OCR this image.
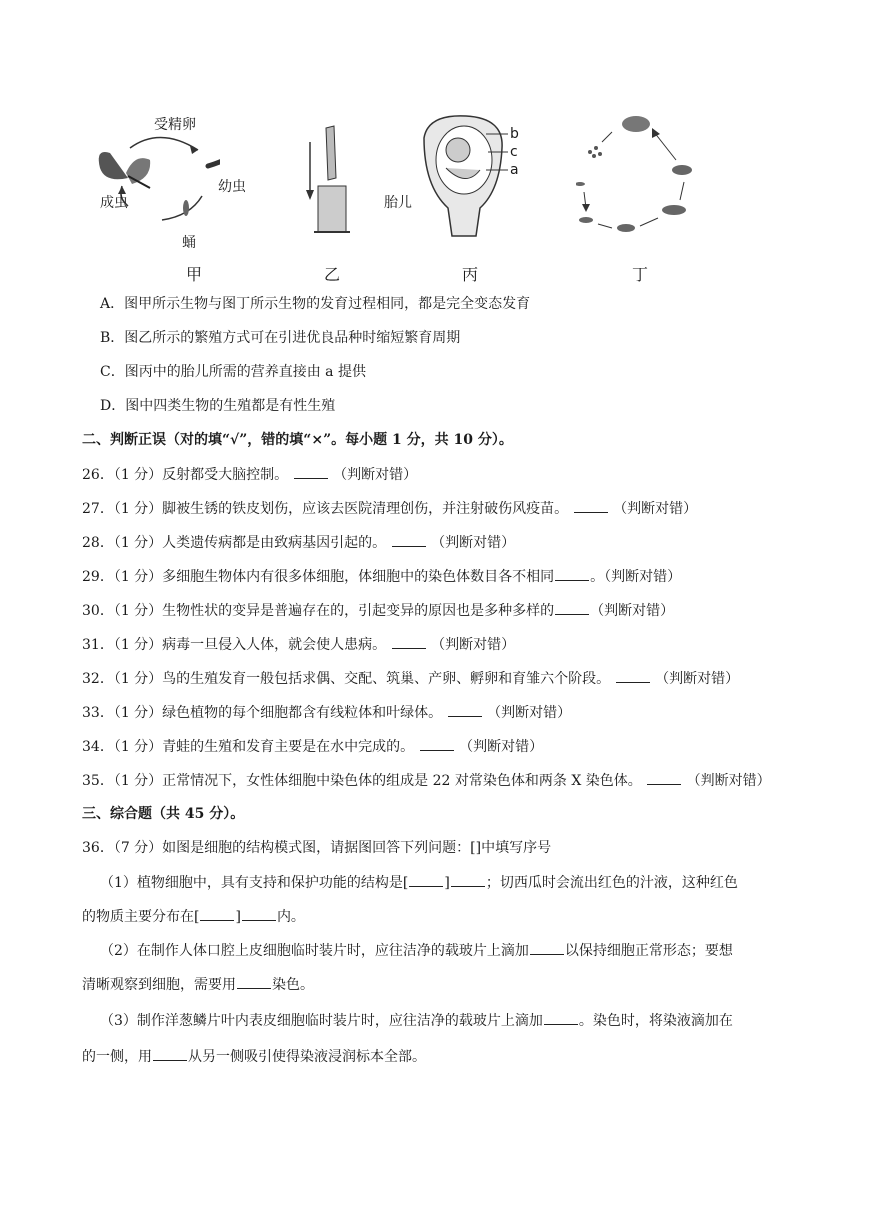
受精卵
幼虫
成虫
蛹
甲	乙
b
c
a
胎儿
丙	丁
A．图甲所示生物与图丁所示生物的发育过程相同，都是完全变态发育
B．图乙所示的繁殖方式可在引进优良品种时缩短繁育周期
C．图丙中的胎儿所需的营养直接由 a 提供
D．图中四类生物的生殖都是有性生殖
二、判断正误（对的填“√”，错的填“×”。每小题 1 分，共 10 分）。
26．（1 分）反射都受大脑控制。	（判断对错）
27．（1 分）脚被生锈的铁皮划伤，应该去医院清理创伤，并注射破伤风疫苗。	（判断对错）
28．（1 分）人类遗传病都是由致病基因引起的。	（判断对错）
29．（1 分）多细胞生物体内有很多体细胞，体细胞中的染色体数目各不相同	。（判断对错）
30．（1 分）生物性状的变异是普遍存在的，引起变异的原因也是多种多样的	（判断对错）
31．（1 分）病毒一旦侵入人体，就会使人患病。	（判断对错）
32．（1 分）鸟的生殖发育一般包括求偶、交配、筑巢、产卵、孵卵和育雏六个阶段。	（判断对错）
33．（1 分）绿色植物的每个细胞都含有线粒体和叶绿体。	（判断对错）
34．（1 分）青蛙的生殖和发育主要是在水中完成的。	（判断对错）
35．（1 分）正常情况下，女性体细胞中染色体的组成是 22 对常染色体和两条 X 染色体。	（判断对错）
三、综合题（共 45 分）。
36．（7 分）如图是细胞的结构模式图，请据图回答下列问题：[]中填写序号
（1）植物细胞中，具有支持和保护功能的结构是[	]	；切西瓜时会流出红色的汁液，这种红色
的物质主要分布在[	]	内。
（2）在制作人体口腔上皮细胞临时装片时，应往洁净的载玻片上滴加	以保持细胞正常形态；要想
清晰观察到细胞，需要用	染色。
（3）制作洋葱鳞片叶内表皮细胞临时装片时，应往洁净的载玻片上滴加	。染色时，将染液滴加在
的一侧，用	从另一侧吸引使得染液浸润标本全部。
